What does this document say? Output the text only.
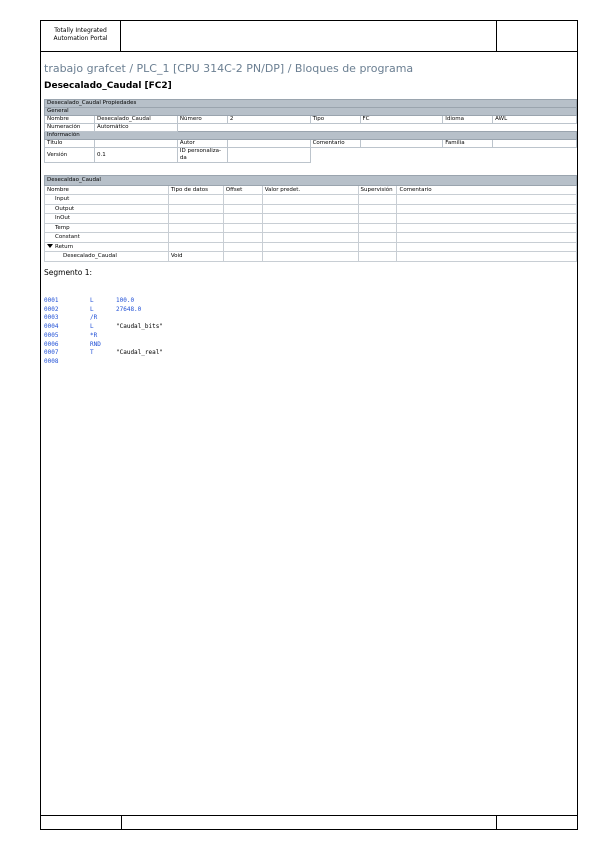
Totally Integrated
Automation Portal
trabajo grafcet / PLC_1 [CPU 314C-2 PN/DP] / Bloques de programa
Desecalado_Caudal [FC2]
Desecalado_Caudal Propiedades							
General							
Nombre	Desecalado_Caudal	Número	2	Tipo	FC	Idioma	AWL
Numeración	Automático						
Información							
Título		Autor		Comentario		Familia	
Versión	0.1	ID personaliza-da					
Desecaldao_Caudal					
Nombre	Tipo de datos	Offset	Valor predet.	Supervisión	Comentario
Input					
Output					
InOut					
Temp					
Constant					
Return					
Desecalado_Caudal	Void				
Segmento 1:
0001	L	100.0
0002	L	27648.0
0003	/R
0004	L	"Caudal_bits"
0005	*R
0006	RND
0007	T	"Caudal_real"
0008
